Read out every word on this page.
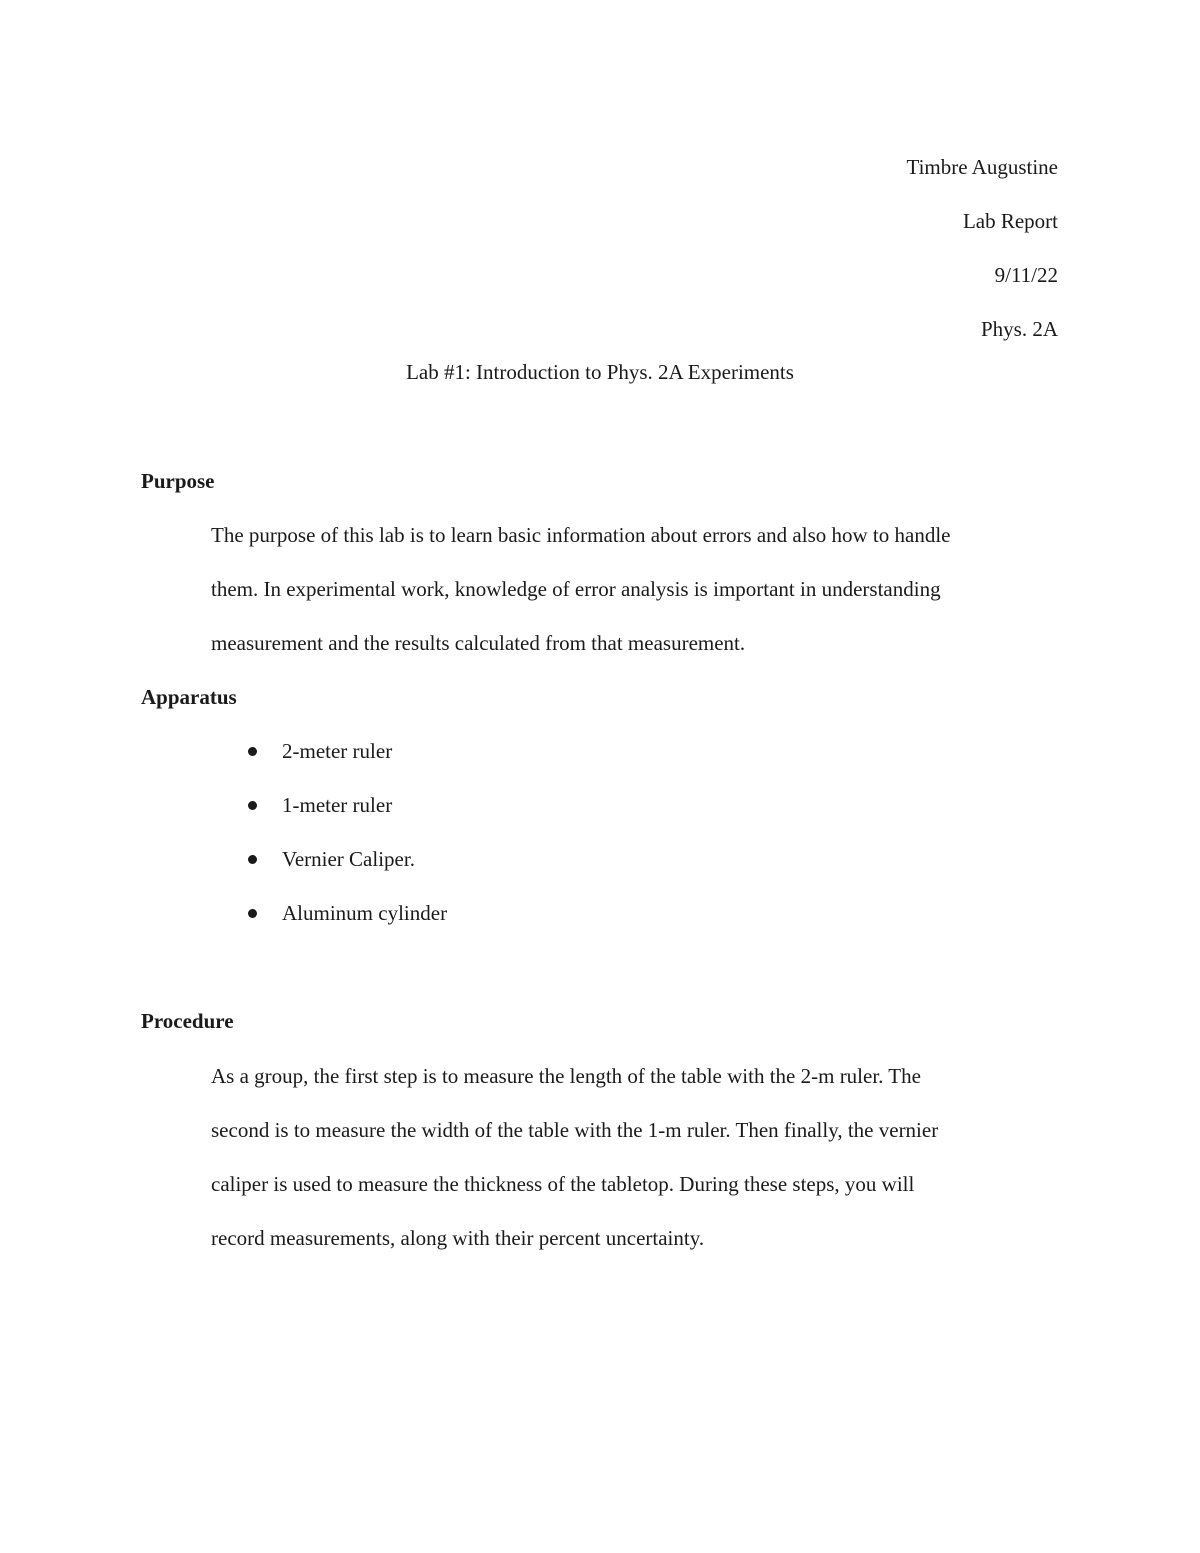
Timbre Augustine
Lab Report
9/11/22
Phys. 2A
Lab #1: Introduction to Phys. 2A Experiments
Purpose
The purpose of this lab is to learn basic information about errors and also how to handle
them. In experimental work, knowledge of error analysis is important in understanding
measurement and the results calculated from that measurement.
Apparatus
2-meter ruler
1-meter ruler
Vernier Caliper.
Aluminum cylinder
Procedure
As a group, the first step is to measure the length of the table with the 2-m ruler. The
second is to measure the width of the table with the 1-m ruler. Then finally, the vernier
caliper is used to measure the thickness of the tabletop. During these steps, you will
record measurements, along with their percent uncertainty.
